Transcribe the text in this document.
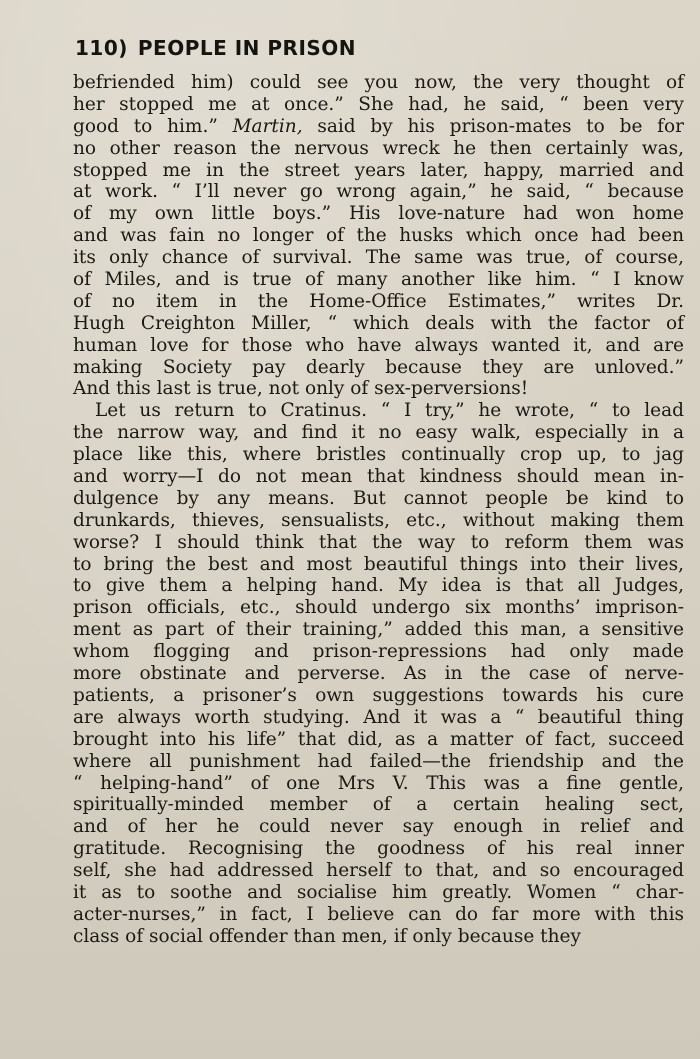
110) PEOPLE IN PRISON
befriended him) could see you now, the very thought of
her stopped me at once.” She had, he said, “ been very
good to him.” Martin, said by his prison-mates to be for
no other reason the nervous wreck he then certainly was,
stopped me in the street years later, happy, married and
at work. “ I’ll never go wrong again,” he said, “ because
of my own little boys.” His love-nature had won home
and was fain no longer of the husks which once had been
its only chance of survival. The same was true, of course,
of Miles, and is true of many another like him. “ I know
of no item in the Home-Office Estimates,” writes Dr.
Hugh Creighton Miller, “ which deals with the factor of
human love for those who have always wanted it, and are
making Society pay dearly because they are unloved.”
And this last is true, not only of sex-perversions!
Let us return to Cratinus. “ I try,” he wrote, “ to lead
the narrow way, and find it no easy walk, especially in a
place like this, where bristles continually crop up, to jag
and worry—I do not mean that kindness should mean in-
dulgence by any means. But cannot people be kind to
drunkards, thieves, sensualists, etc., without making them
worse? I should think that the way to reform them was
to bring the best and most beautiful things into their lives,
to give them a helping hand. My idea is that all Judges,
prison officials, etc., should undergo six months’ imprison-
ment as part of their training,” added this man, a sensitive
whom flogging and prison-repressions had only made
more obstinate and perverse. As in the case of nerve-
patients, a prisoner’s own suggestions towards his cure
are always worth studying. And it was a “ beautiful thing
brought into his life” that did, as a matter of fact, succeed
where all punishment had failed—the friendship and the
“ helping-hand” of one Mrs V. This was a fine gentle,
spiritually-minded member of a certain healing sect,
and of her he could never say enough in relief and
gratitude. Recognising the goodness of his real inner
self, she had addressed herself to that, and so encouraged
it as to soothe and socialise him greatly. Women “ char-
acter-nurses,” in fact, I believe can do far more with this
class of social offender than men, if only because they
